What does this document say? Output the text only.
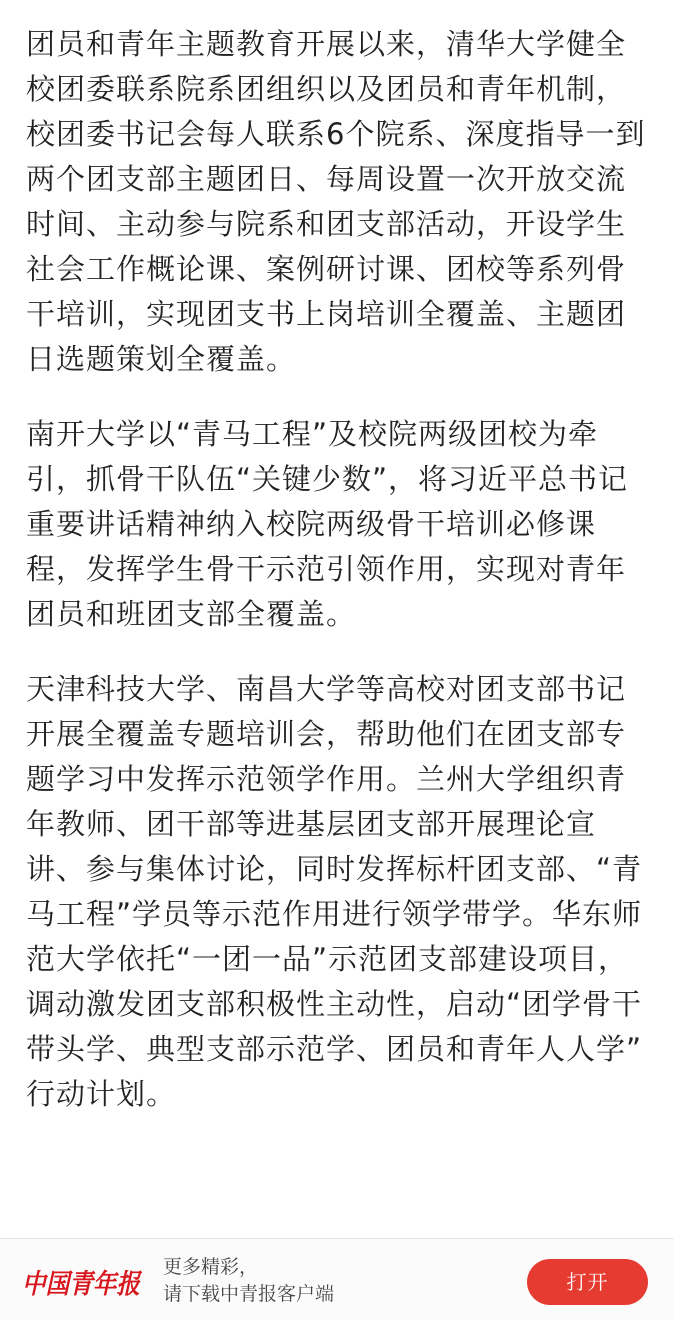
团员和青年主题教育开展以来，清华大学健全
校团委联系院系团组织以及团员和青年机制，
校团委书记会每人联系6个院系、深度指导一到
两个团支部主题团日、每周设置一次开放交流
时间、主动参与院系和团支部活动，开设学生
社会工作概论课、案例研讨课、团校等系列骨
干培训，实现团支书上岗培训全覆盖、主题团
日选题策划全覆盖。

南开大学以“青马工程”及校院两级团校为牵
引，抓骨干队伍“关键少数”，将习近平总书记
重要讲话精神纳入校院两级骨干培训必修课
程，发挥学生骨干示范引领作用，实现对青年
团员和班团支部全覆盖。

天津科技大学、南昌大学等高校对团支部书记
开展全覆盖专题培训会，帮助他们在团支部专
题学习中发挥示范领学作用。兰州大学组织青
年教师、团干部等进基层团支部开展理论宣
讲、参与集体讨论，同时发挥标杆团支部、“青
马工程”学员等示范作用进行领学带学。华东师
范大学依托“一团一品”示范团支部建设项目，
调动激发团支部积极性主动性，启动“团学骨干
带头学、典型支部示范学、团员和青年人人学”
行动计划。

中国青年报
更多精彩，
请下载中青报客户端	打开
